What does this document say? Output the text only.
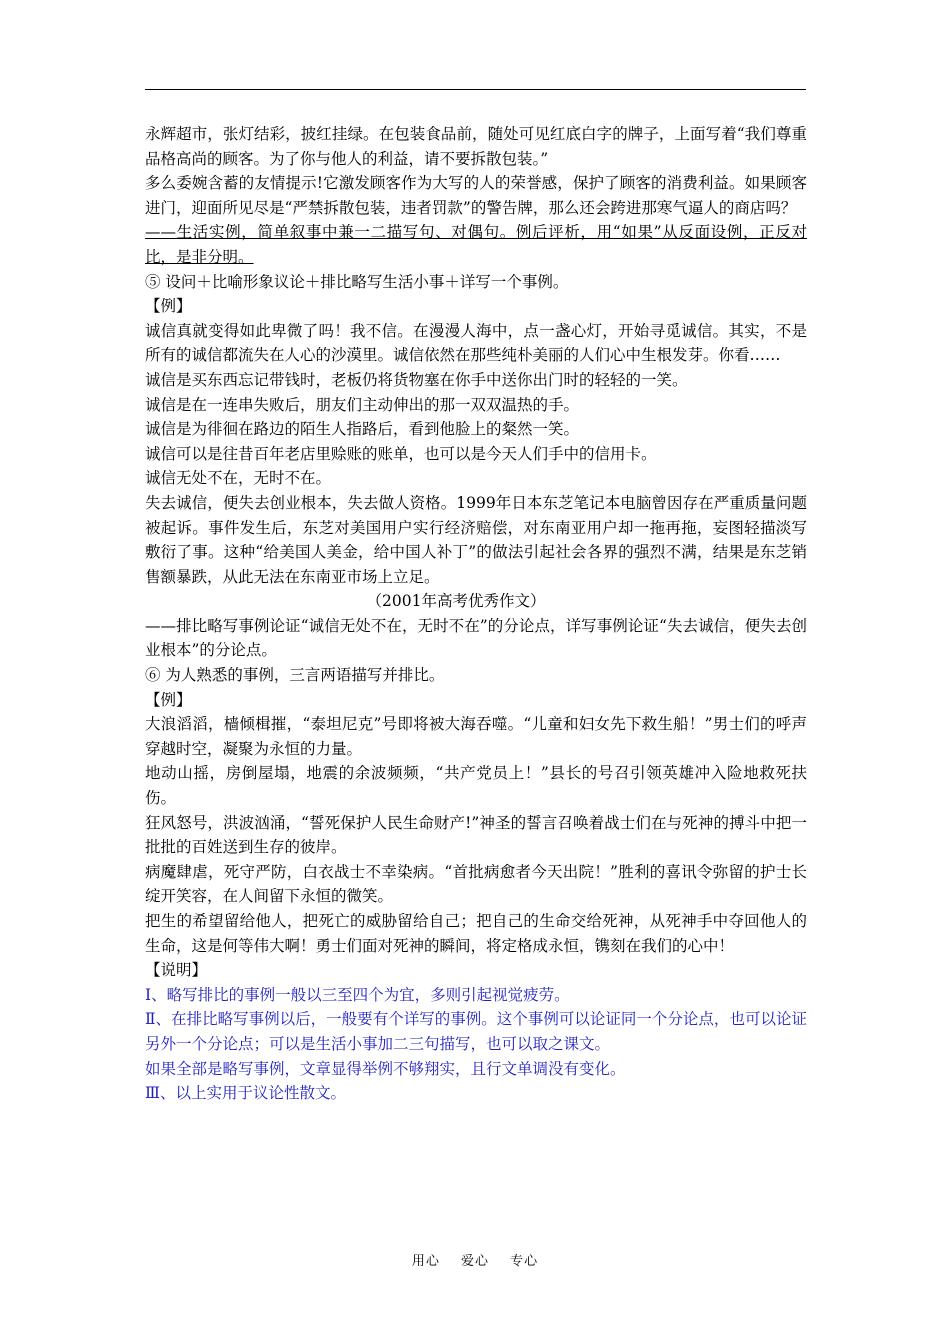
永辉超市，张灯结彩，披红挂绿。在包装食品前，随处可见红底白字的牌子，上面写着“我们尊重品格高尚的顾客。为了你与他人的利益，请不要拆散包装。”

多么委婉含蓄的友情提示!它激发顾客作为大写的人的荣誉感，保护了顾客的消费利益。如果顾客进门，迎面所见尽是“严禁拆散包装，违者罚款”的警告牌，那么还会跨进那寒气逼人的商店吗？

——生活实例，简单叙事中兼一二描写句、对偶句。例后评析，用“如果”从反面设例，正反对比，是非分明。

⑤ 设问＋比喻形象议论＋排比略写生活小事＋详写一个事例。

【例】

诚信真就变得如此卑微了吗！我不信。在漫漫人海中，点一盏心灯，开始寻觅诚信。其实，不是所有的诚信都流失在人心的沙漠里。诚信依然在那些纯朴美丽的人们心中生根发芽。你看……

诚信是买东西忘记带钱时，老板仍将货物塞在你手中送你出门时的轻轻的一笑。

诚信是在一连串失败后，朋友们主动伸出的那一双双温热的手。

诚信是为徘徊在路边的陌生人指路后，看到他脸上的粲然一笑。

诚信可以是往昔百年老店里赊账的账单，也可以是今天人们手中的信用卡。

诚信无处不在，无时不在。

失去诚信，便失去创业根本，失去做人资格。1999年日本东芝笔记本电脑曾因存在严重质量问题被起诉。事件发生后，东芝对美国用户实行经济赔偿，对东南亚用户却一拖再拖，妄图轻描淡写敷衍了事。这种“给美国人美金，给中国人补丁”的做法引起社会各界的强烈不满，结果是东芝销售额暴跌，从此无法在东南亚市场上立足。

（2001年高考优秀作文）

——排比略写事例论证“诚信无处不在，无时不在”的分论点，详写事例论证“失去诚信，便失去创业根本”的分论点。

⑥ 为人熟悉的事例，三言两语描写并排比。

【例】

大浪滔滔，樯倾楫摧，“泰坦尼克”号即将被大海吞噬。“儿童和妇女先下救生船！”男士们的呼声穿越时空，凝聚为永恒的力量。

地动山摇，房倒屋塌，地震的余波频频，“共产党员上！”县长的号召引领英雄冲入险地救死扶伤。

狂风怒号，洪波汹涌，“誓死保护人民生命财产!”神圣的誓言召唤着战士们在与死神的搏斗中把一批批的百姓送到生存的彼岸。

病魔肆虐，死守严防，白衣战士不幸染病。“首批病愈者今天出院！”胜利的喜讯令弥留的护士长绽开笑容，在人间留下永恒的微笑。

把生的希望留给他人，把死亡的威胁留给自己；把自己的生命交给死神，从死神手中夺回他人的生命，这是何等伟大啊！勇士们面对死神的瞬间，将定格成永恒，镌刻在我们的心中！

【说明】

Ⅰ、略写排比的事例一般以三至四个为宜，多则引起视觉疲劳。

Ⅱ、在排比略写事例以后，一般要有个详写的事例。这个事例可以论证同一个分论点，也可以论证另外一个分论点；可以是生活小事加二三句描写，也可以取之课文。

如果全部是略写事例，文章显得举例不够翔实，且行文单调没有变化。

Ⅲ、以上实用于议论性散文。

用心 爱心 专心
